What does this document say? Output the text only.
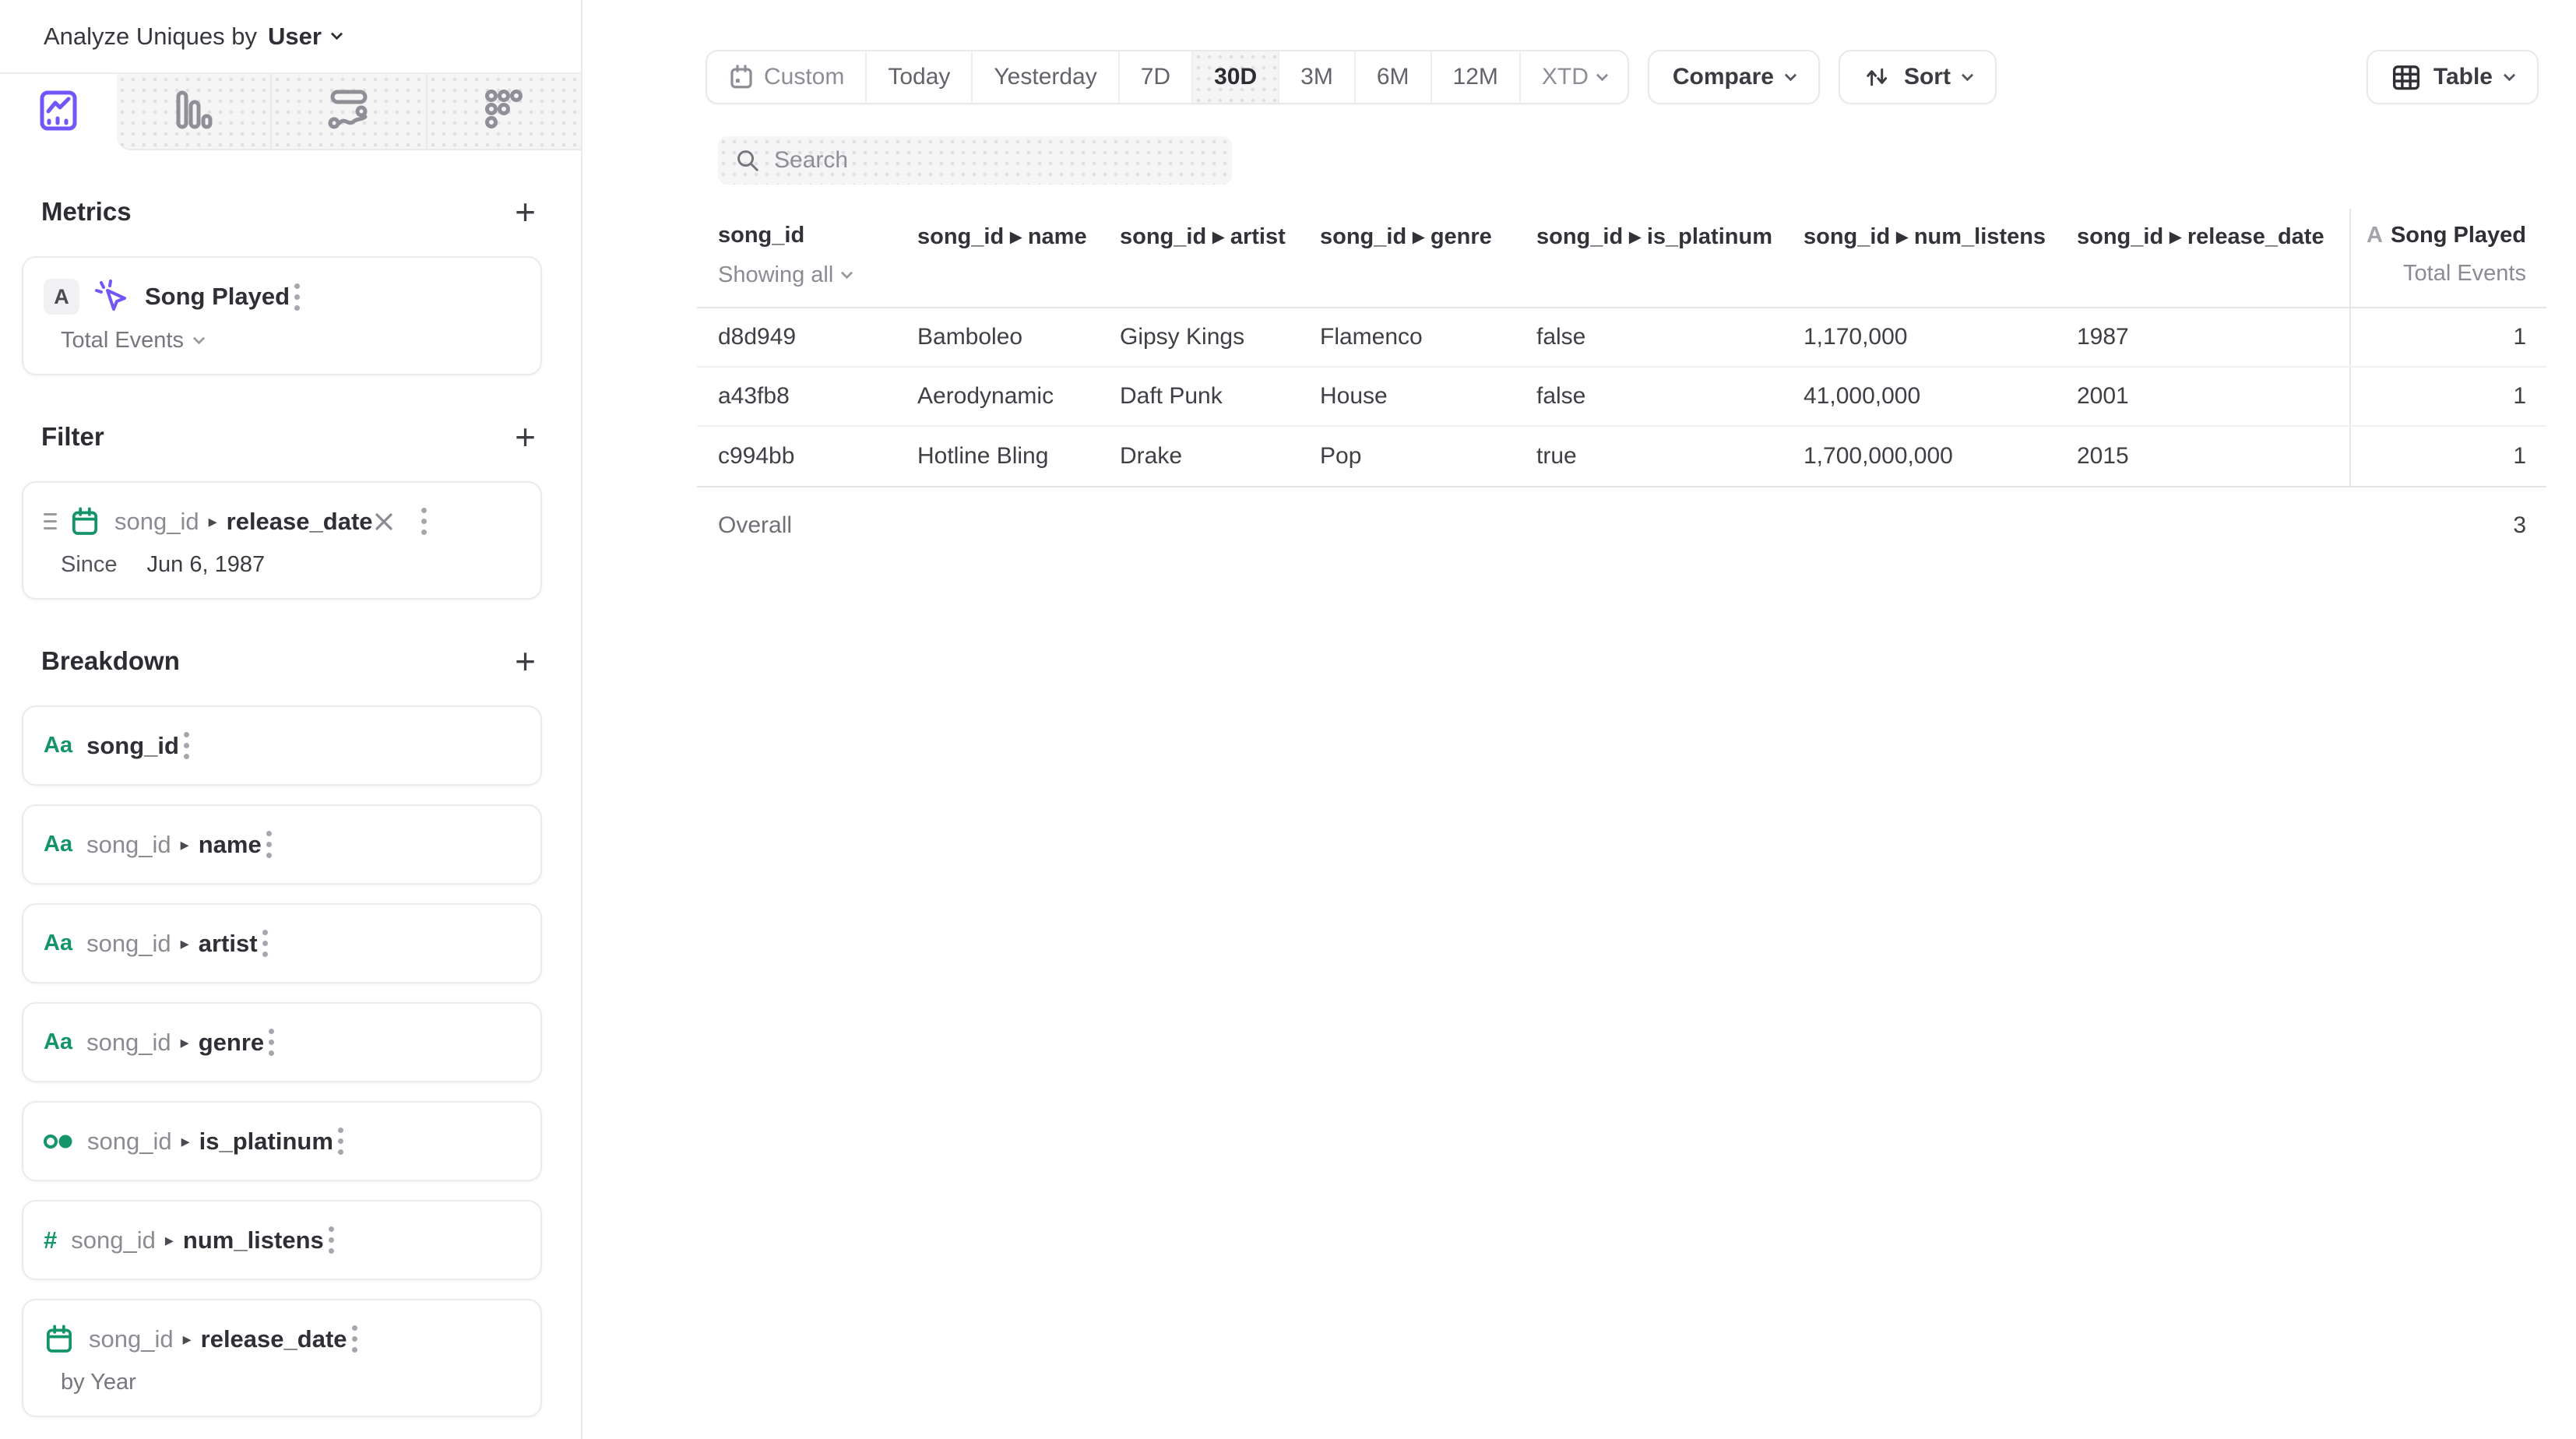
Analyze Uniques by User
Metrics	+
A	Song Played
Total Events
Filter	+
song_id ▸ release_date
Since Jun 6, 1987
Breakdown	+
Aa song_id
Aa song_id ▸ name
Aa song_id ▸ artist
Aa song_id ▸ genre
song_id ▸ is_platinum
# song_id ▸ num_listens
song_id ▸ release_date
by Year
Custom Today Yesterday 7D 30D 3M 6M 12M XTD	Compare	Sort	Table
Search
song_id	song_id ▸ name	song_id ▸ artist	song_id ▸ genre	song_id ▸ is_platinum	song_id ▸ num_listens	song_id ▸ release_date
Showing all
A Song Played
Total Events
d8d949	Bamboleo	Gipsy Kings	Flamenco	false	1,170,000	1987	1
a43fb8	Aerodynamic	Daft Punk	House	false	41,000,000	2001	1
c994bb	Hotline Bling	Drake	Pop	true	1,700,000,000	2015	1
Overall	3
